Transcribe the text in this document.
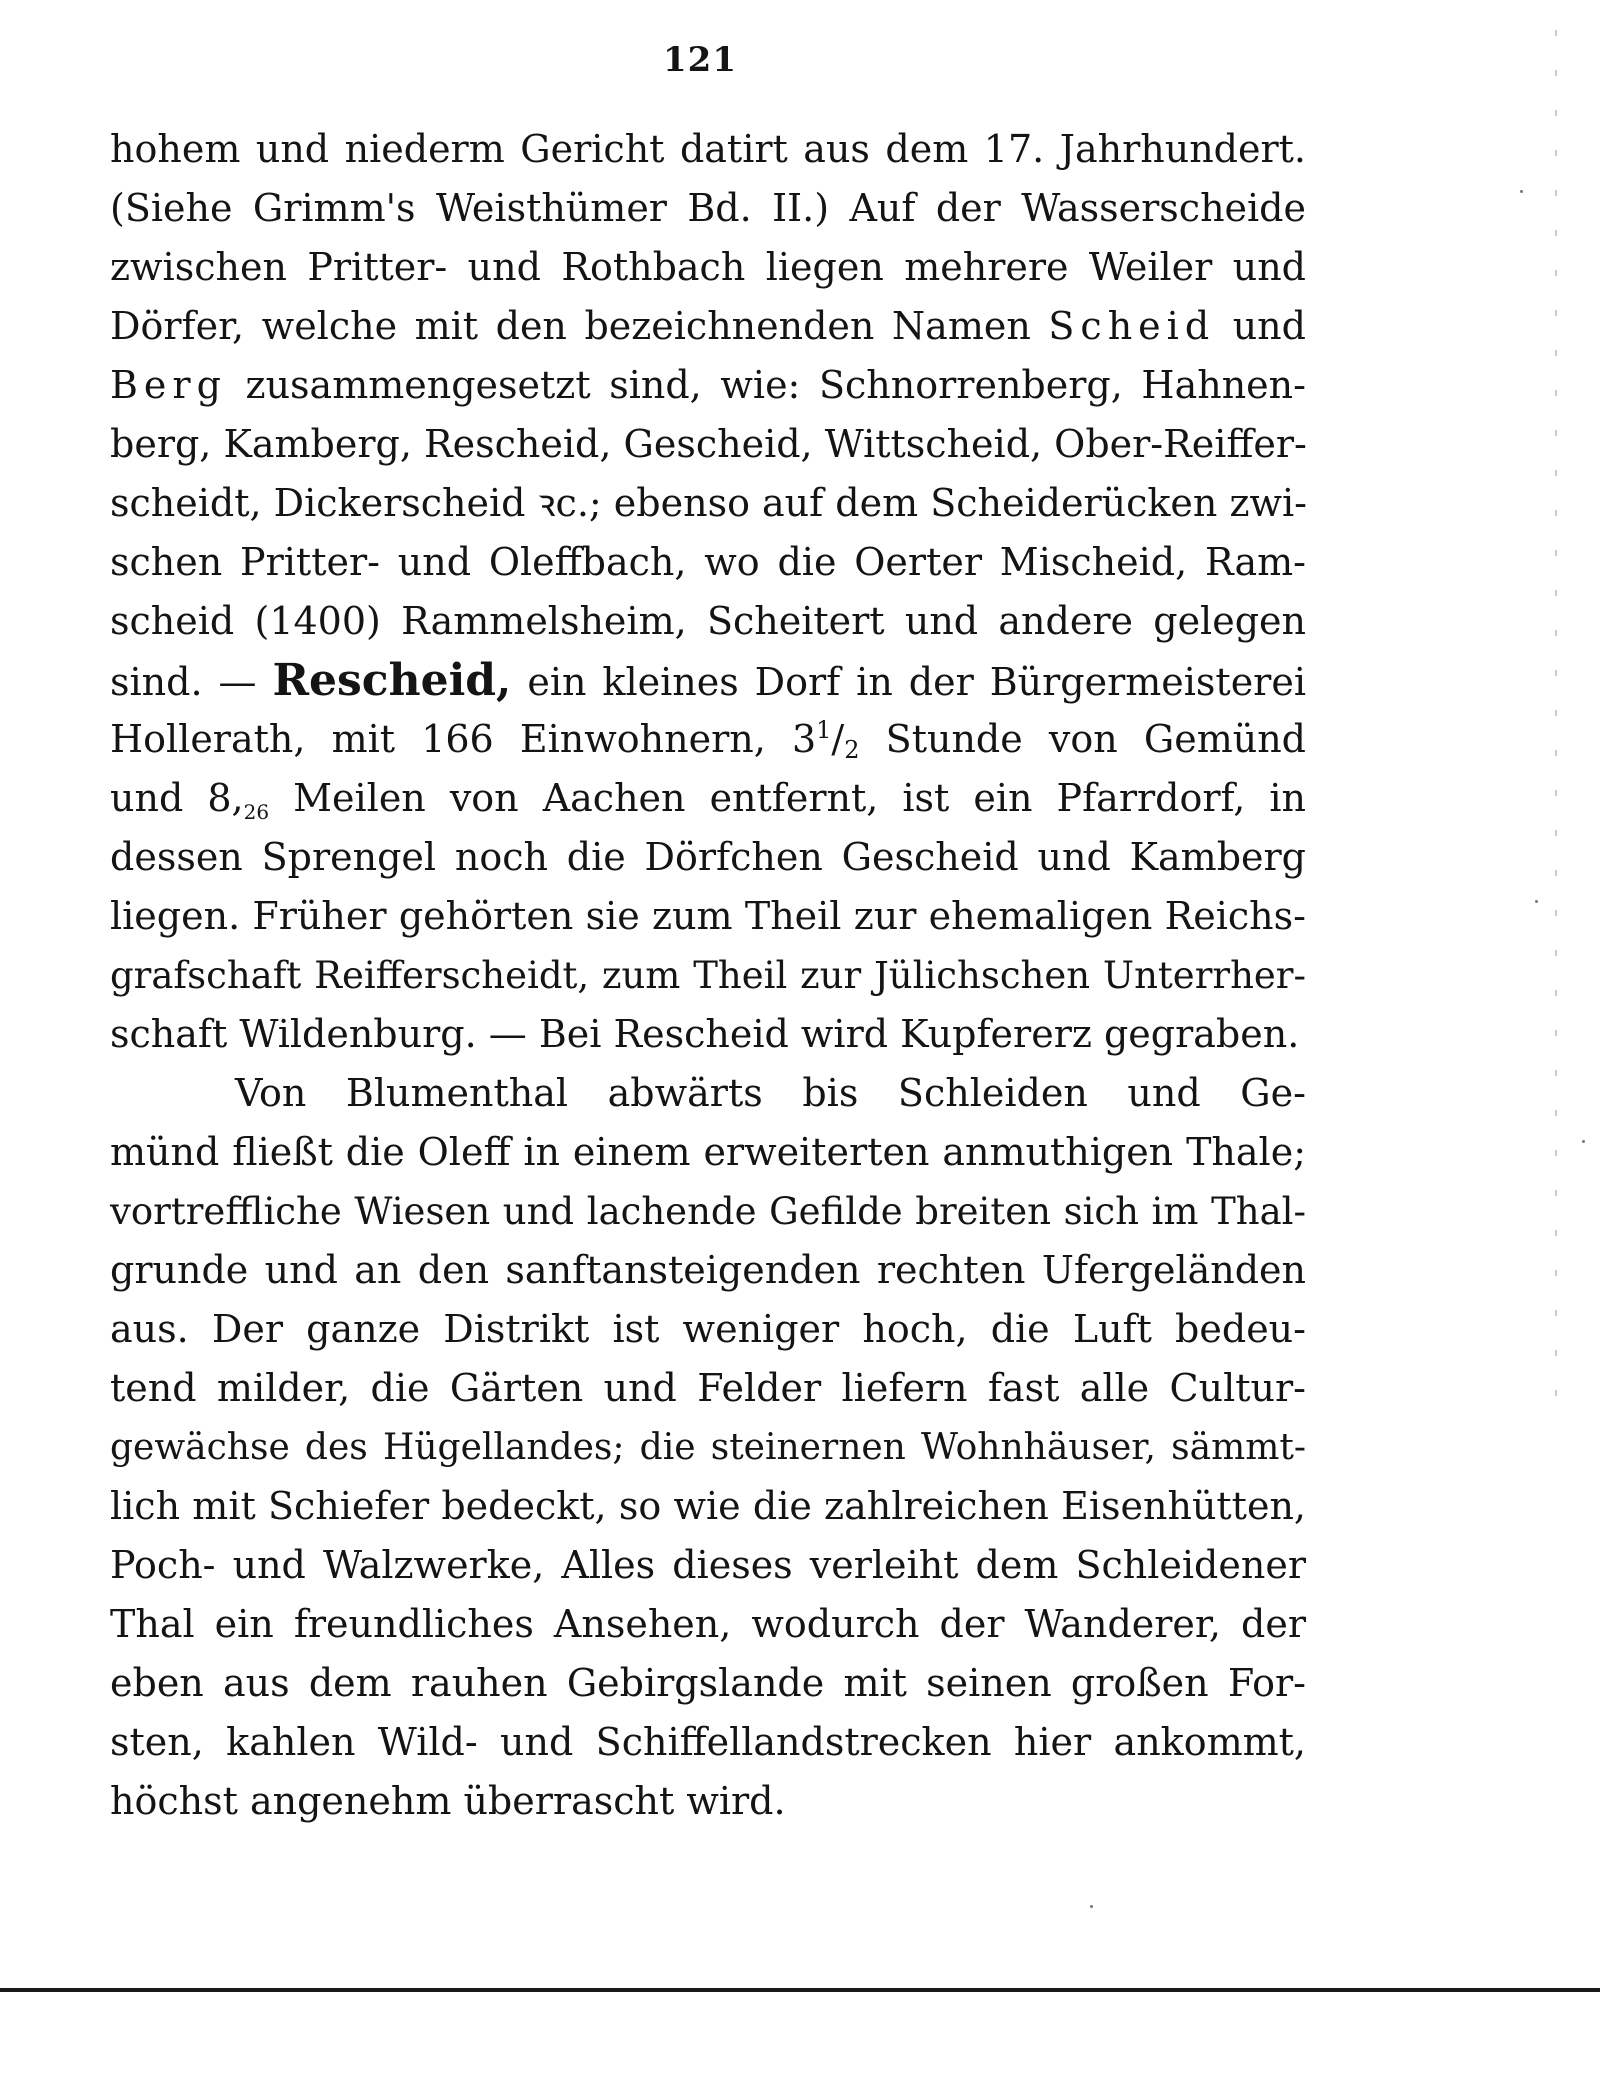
121
hohem und niederm Gericht datirt aus dem 17. Jahrhundert.
(Siehe Grimm's Weisthümer Bd. II.) Auf der Wasserscheide
zwischen Pritter- und Rothbach liegen mehrere Weiler und
Dörfer, welche mit den bezeichnenden Namen Scheid und
Berg zusammengesetzt sind, wie: Schnorrenberg, Hahnen-
berg, Kamberg, Rescheid, Gescheid, Wittscheid, Ober-Reiffer-
scheidt, Dickerscheid ꝛc.; ebenso auf dem Scheiderücken zwi-
schen Pritter- und Oleffbach, wo die Oerter Mischeid, Ram-
scheid (1400) Rammelsheim, Scheitert und andere gelegen
sind. — Rescheid, ein kleines Dorf in der Bürgermeisterei
Hollerath, mit 166 Einwohnern, $3^1/_2$ Stunde von Gemünd
und $8,_{26}$ Meilen von Aachen entfernt, ist ein Pfarrdorf, in
dessen Sprengel noch die Dörfchen Gescheid und Kamberg
liegen. Früher gehörten sie zum Theil zur ehemaligen Reichs-
grafschaft Reifferscheidt, zum Theil zur Jülichschen Unterrher-
schaft Wildenburg. — Bei Rescheid wird Kupfererz gegraben.
Von Blumenthal abwärts bis Schleiden und Ge-
münd fließt die Oleff in einem erweiterten anmuthigen Thale;
vortreffliche Wiesen und lachende Gefilde breiten sich im Thal-
grunde und an den sanftansteigenden rechten Ufergeländen
aus. Der ganze Distrikt ist weniger hoch, die Luft bedeu-
tend milder, die Gärten und Felder liefern fast alle Cultur-
gewächse des Hügellandes; die steinernen Wohnhäuser, sämmt-
lich mit Schiefer bedeckt, so wie die zahlreichen Eisenhütten,
Poch- und Walzwerke, Alles dieses verleiht dem Schleidener
Thal ein freundliches Ansehen, wodurch der Wanderer, der
eben aus dem rauhen Gebirgslande mit seinen großen For-
sten, kahlen Wild- und Schiffellandstrecken hier ankommt,
höchst angenehm überrascht wird.
